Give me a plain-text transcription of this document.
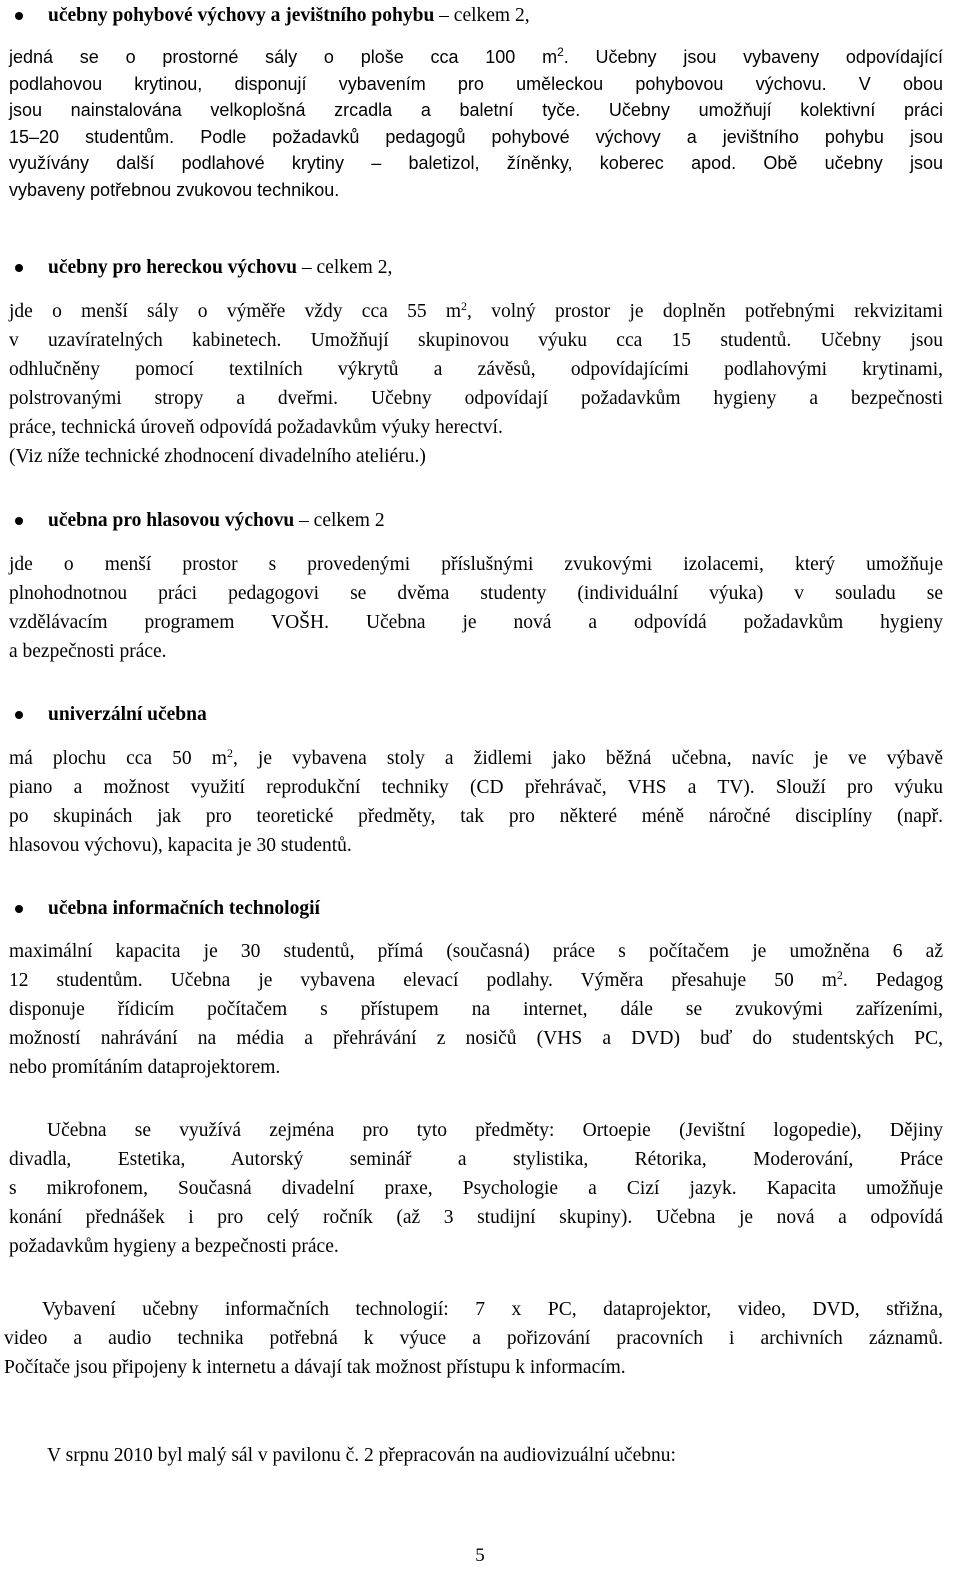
učebny pohybové výchovy a jevištního pohybu – celkem 2,

jedná se o prostorné sály o ploše cca 100 $m^2$. Učebny jsou vybaveny odpovídající
podlahovou krytinou, disponují vybavením pro uměleckou pohybovou výchovu. V obou
jsou nainstalována velkoplošná zrcadla a baletní tyče. Učebny umožňují kolektivní práci
15–20 studentům. Podle požadavků pedagogů pohybové výchovy a jevištního pohybu jsou
využívány další podlahové krytiny – baletizol, žíněnky, koberec apod. Obě učebny jsou
vybaveny potřebnou zvukovou technikou.

učebny pro hereckou výchovu – celkem 2,

jde o menší sály o výměře vždy cca 55 $m^2$, volný prostor je doplněn potřebnými rekvizitami
v uzavíratelných kabinetech. Umožňují skupinovou výuku cca 15 studentů. Učebny jsou
odhlučněny pomocí textilních výkrytů a závěsů, odpovídajícími podlahovými krytinami,
polstrovanými stropy a dveřmi. Učebny odpovídají požadavkům hygieny a bezpečnosti
práce, technická úroveň odpovídá požadavkům výuky herectví.
(Viz níže technické zhodnocení divadelního ateliéru.)

učebna pro hlasovou výchovu – celkem 2

jde o menší prostor s provedenými příslušnými zvukovými izolacemi, který umožňuje
plnohodnotnou práci pedagogovi se dvěma studenty (individuální výuka) v souladu se
vzdělávacím programem VOŠH. Učebna je nová a odpovídá požadavkům hygieny
a bezpečnosti práce.

univerzální učebna

má plochu cca 50 $m^2$, je vybavena stoly a židlemi jako běžná učebna, navíc je ve výbavě
piano a možnost využití reprodukční techniky (CD přehrávač, VHS a TV). Slouží pro výuku
po skupinách jak pro teoretické předměty, tak pro některé méně náročné disciplíny (např.
hlasovou výchovu), kapacita je 30 studentů.

učebna informačních technologií

maximální kapacita je 30 studentů, přímá (současná) práce s počítačem je umožněna 6 až
12 studentům. Učebna je vybavena elevací podlahy. Výměra přesahuje 50 $m^2$. Pedagog
disponuje řídicím počítačem s přístupem na internet, dále se zvukovými zařízeními,
možností nahrávání na média a přehrávání z nosičů (VHS a DVD) buď do studentských PC,
nebo promítáním dataprojektorem.
Učebna se využívá zejména pro tyto předměty: Ortoepie (Jevištní logopedie), Dějiny
divadla, Estetika, Autorský seminář a stylistika, Rétorika, Moderování, Práce
s mikrofonem, Současná divadelní praxe, Psychologie a Cizí jazyk. Kapacita umožňuje
konání přednášek i pro celý ročník (až 3 studijní skupiny). Učebna je nová a odpovídá
požadavkům hygieny a bezpečnosti práce.
Vybavení učebny informačních technologií: 7 x PC, dataprojektor, video, DVD, střižna,
video a audio technika potřebná k výuce a pořizování pracovních i archivních záznamů.
Počítače jsou připojeny k internetu a dávají tak možnost přístupu k informacím.
V srpnu 2010 byl malý sál v pavilonu č. 2 přepracován na audiovizuální učebnu:
5
